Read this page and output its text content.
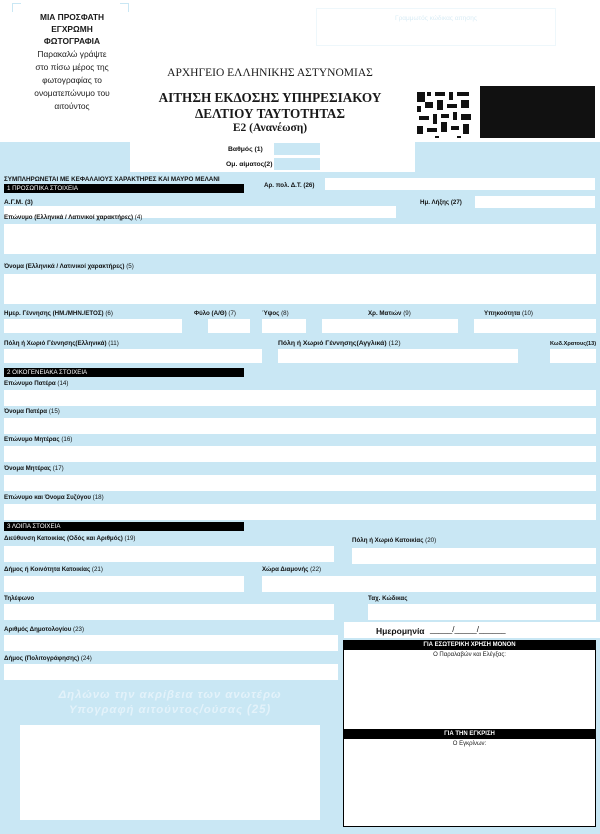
ΜΙΑ ΠΡΟΣΦΑΤΗ
ΕΓΧΡΩΜΗ
ΦΩΤΟΓΡΑΦΙΑ
Παρακαλώ γράψτε
στο πίσω μέρος της
φωτογραφίας το
ονοματεπώνυμο του
αιτούντος
Γραμμωτός κώδικας αιτησης
ΑΡΧΗΓΕΙΟ ΕΛΛΗΝΙΚΗΣ ΑΣΤΥΝΟΜΙΑΣ
ΑΙΤΗΣΗ ΕΚΔΟΣΗΣ ΥΠΗΡΕΣΙΑΚΟΥ
ΔΕΛΤΙΟΥ ΤΑΥΤΟΤΗΤΑΣ
Ε2 (Ανανέωση)
Βαθμός (1)
Ομ. αίματος(2)
ΣΥΜΠΛΗΡΩΝΕΤΑΙ ΜΕ ΚΕΦΑΛΑΙΟΥΣ ΧΑΡΑΚΤΗΡΕΣ ΚΑΙ ΜΑΥΡΟ ΜΕΛΑΝΙ
1 ΠΡΟΣΩΠΙΚΑ ΣΤΟΙΧΕΙΑ	Αρ. πολ. Δ.Τ. (26)
Α.Γ.Μ. (3)	Ημ. Λήξης (27)
Επώνυμο (Ελληνικά / Λατινικοί χαρακτήρες) (4)
Όνομα (Ελληνικά / Λατινικοί χαρακτήρες) (5)
Ημερ. Γέννησης (ΗΜ./ΜΗΝ./ΕΤΟΣ) (6)	Φύλο (Α/Θ) (7)	Ύψος (8)	Χρ. Ματιών (9)	Υπηκοότητα (10)
Πόλη ή Χωριό Γέννησης(Ελληνικά) (11)	Πόλη ή Χωριό Γέννησης(Αγγλικά) (12)	Κωδ.Χρατους(13)
2 ΟΙΚΟΓΕΝΕΙΑΚΑ ΣΤΟΙΧΕΙΑ
Επώνυμο Πατέρα (14)
Όνομα Πατέρα (15)
Επώνυμο Μητέρας (16)
Όνομα Μητέρας (17)
Επώνυμο και Όνομα Συζύγου (18)
3 ΛΟΙΠΑ ΣΤΟΙΧΕΙΑ
Διεύθυνση Κατοικίας (Οδός και Αριθμός) (19)	Πόλη ή Χωριό Κατοικίας (20)
Δήμος ή Κοινότητα Κατοικίας (21)	Χώρα Διαμονής (22)
Τηλέφωνο	Ταχ. Κώδικας
Αριθμός Δημοτολογίου (23)	Ημερομηνία _____/_____/______
Δήμος (Πολιτογράφησης) (24)
ΓΙΑ ΕΣΩΤΕΡΙΚΗ ΧΡΗΣΗ ΜΟΝΟΝ
Ο Παραλαβών και Ελέγξας:
ΓΙΑ ΤΗΝ ΕΓΚΡΙΣΗ
Ο Εγκρίνων:
Δηλώνω την ακρίβεια των ανωτέρω
Υπογραφή αιτούντος/ούσας (25)
